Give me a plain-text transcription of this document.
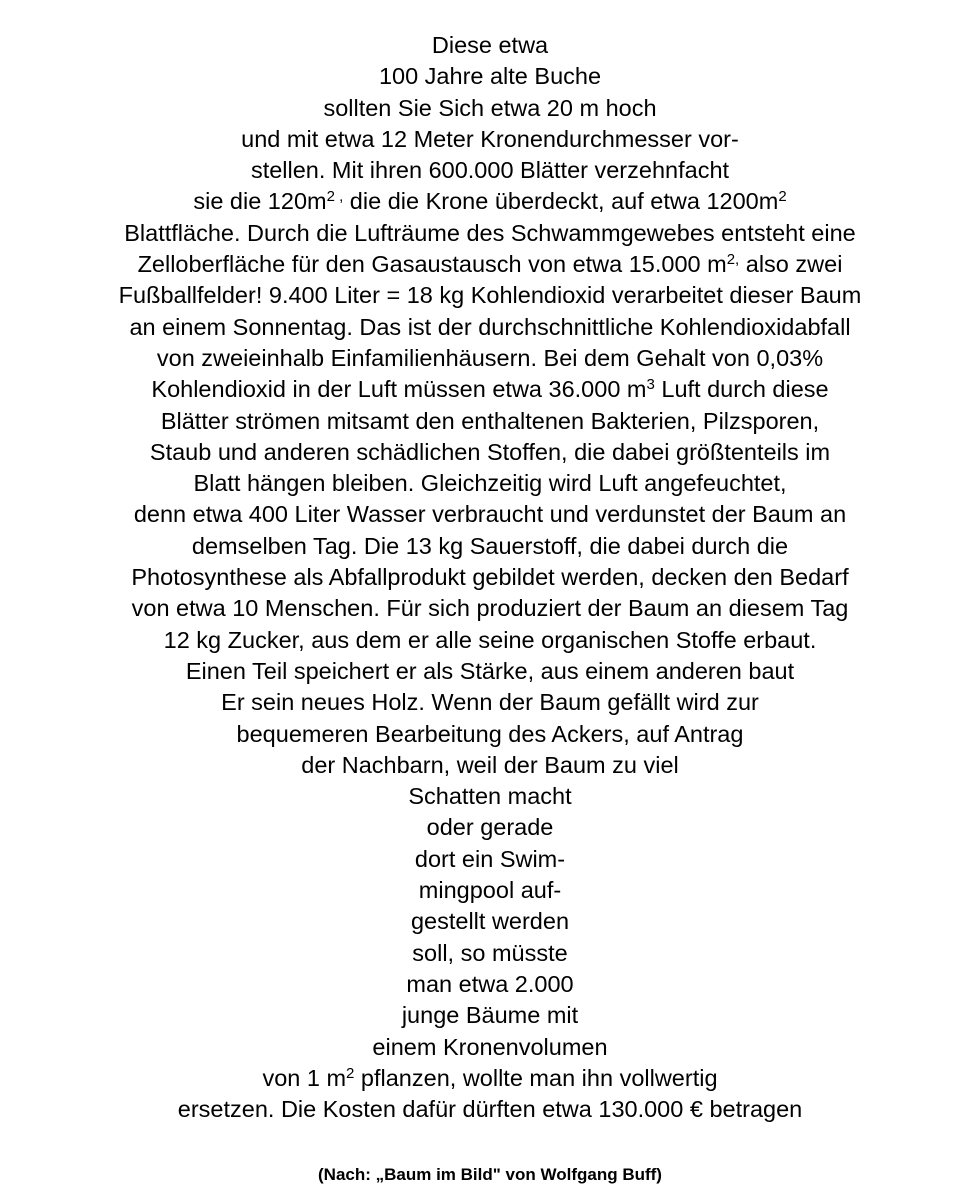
Diese etwa
100 Jahre alte Buche
sollten Sie Sich etwa 20 m hoch
und mit etwa 12 Meter Kronendurchmesser vor-
stellen. Mit ihren 600.000 Blätter verzehnfacht
sie die $120m^{2 ,}$ die die Krone überdeckt, auf etwa $1200m^2$
Blattfläche. Durch die Lufträume des Schwammgewebes entsteht eine
Zelloberfläche für den Gasaustausch von etwa 15.000 $m^{2,}$ also zwei
Fußballfelder! 9.400 Liter = 18 kg Kohlendioxid verarbeitet dieser Baum
an einem Sonnentag. Das ist der durchschnittliche Kohlendioxidabfall
von zweieinhalb Einfamilienhäusern. Bei dem Gehalt von 0,03%
Kohlendioxid in der Luft müssen etwa 36.000 $m^3$ Luft durch diese
Blätter strömen mitsamt den enthaltenen Bakterien, Pilzsporen,
Staub und anderen schädlichen Stoffen, die dabei größtenteils im
Blatt hängen bleiben. Gleichzeitig wird Luft angefeuchtet,
denn etwa 400 Liter Wasser verbraucht und verdunstet der Baum an
demselben Tag. Die 13 kg Sauerstoff, die dabei durch die
Photosynthese als Abfallprodukt gebildet werden, decken den Bedarf
von etwa 10 Menschen. Für sich produziert der Baum an diesem Tag
12 kg Zucker, aus dem er alle seine organischen Stoffe erbaut.
Einen Teil speichert er als Stärke, aus einem anderen baut
Er sein neues Holz. Wenn der Baum gefällt wird zur
bequemeren Bearbeitung des Ackers, auf Antrag
der Nachbarn, weil der Baum zu viel
Schatten macht
oder gerade
dort ein Swim-
mingpool auf-
gestellt werden
soll, so müsste
man etwa 2.000
junge Bäume mit
einem Kronenvolumen
von 1 $m^2$ pflanzen, wollte man ihn vollwertig
ersetzen. Die Kosten dafür dürften etwa 130.000 € betragen
(Nach: „Baum im Bild" von Wolfgang Buff)
